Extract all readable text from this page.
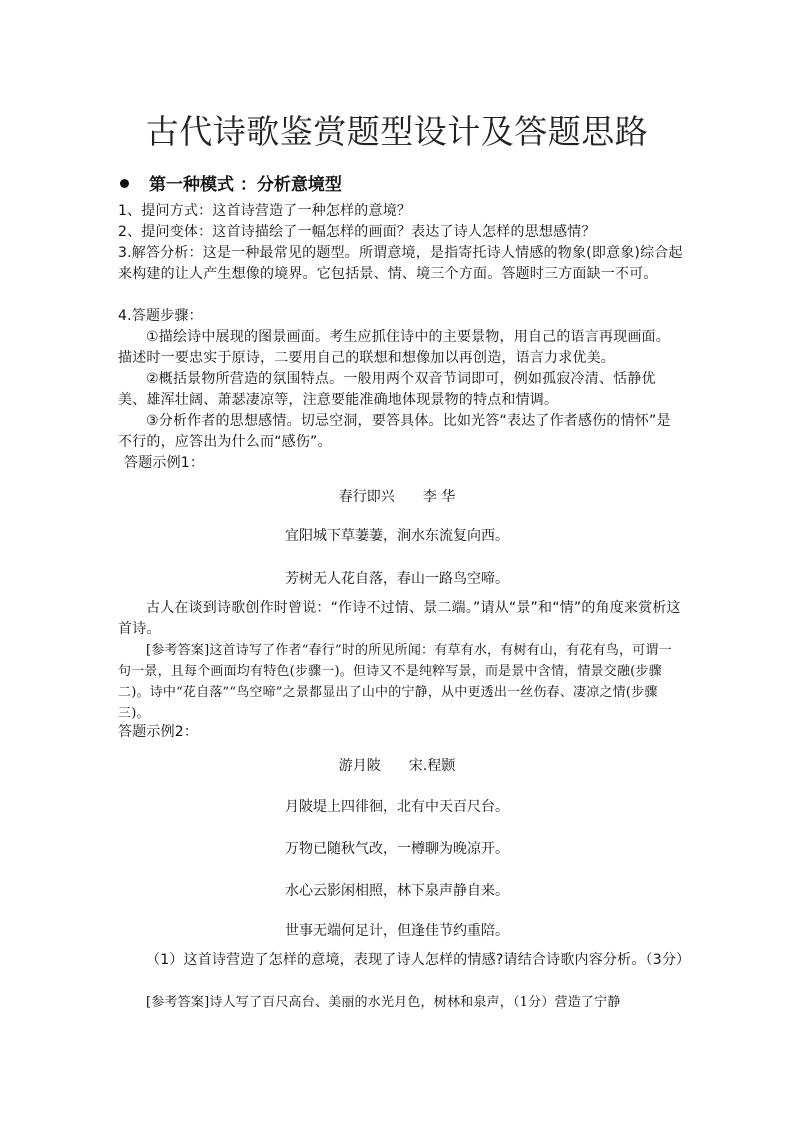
古代诗歌鉴赏题型设计及答题思路
第一种模式 ：分析意境型
1、提问方式：这首诗营造了一种怎样的意境？
2、提问变体：这首诗描绘了一幅怎样的画面？表达了诗人怎样的思想感情？
3.解答分析：这是一种最常见的题型。所谓意境，是指寄托诗人情感的物象(即意象)综合起来构建的让人产生想像的境界。它包括景、情、境三个方面。答题时三方面缺一不可。
4.答题步骤：
①描绘诗中展现的图景画面。考生应抓住诗中的主要景物，用自己的语言再现画面。描述时一要忠实于原诗，二要用自己的联想和想像加以再创造，语言力求优美。
②概括景物所营造的氛围特点。一般用两个双音节词即可，例如孤寂冷清、恬静优美、雄浑壮阔、萧瑟凄凉等，注意要能准确地体现景物的特点和情调。
③分析作者的思想感情。切忌空洞，要答具体。比如光答“表达了作者感伤的情怀”是不行的，应答出为什么而“感伤”。
答题示例1：
春行即兴 李 华
宜阳城下草萋萋，涧水东流复向西。
芳树无人花自落，春山一路鸟空啼。
古人在谈到诗歌创作时曾说：“作诗不过情、景二端。”请从“景”和“情”的角度来赏析这首诗。
[参考答案]这首诗写了作者“春行”时的所见所闻：有草有水，有树有山，有花有鸟，可谓一句一景，且每个画面均有特色(步骤一)。但诗又不是纯粹写景，而是景中含情，情景交融(步骤二)。诗中“花自落”“鸟空啼”之景都显出了山中的宁静，从中更透出一丝伤春、凄凉之情(步骤三)。
答题示例2：
游月陂 宋.程颢
月陂堤上四徘徊，北有中天百尺台。
万物已随秋气改，一樽聊为晚凉开。
水心云影闲相照，林下泉声静自来。
世事无端何足计，但逢佳节约重陪。
（1）这首诗营造了怎样的意境，表现了诗人怎样的情感?请结合诗歌内容分析。（3分）
[参考答案]诗人写了百尺高台、美丽的水光月色，树林和泉声，（1分）营造了宁静
